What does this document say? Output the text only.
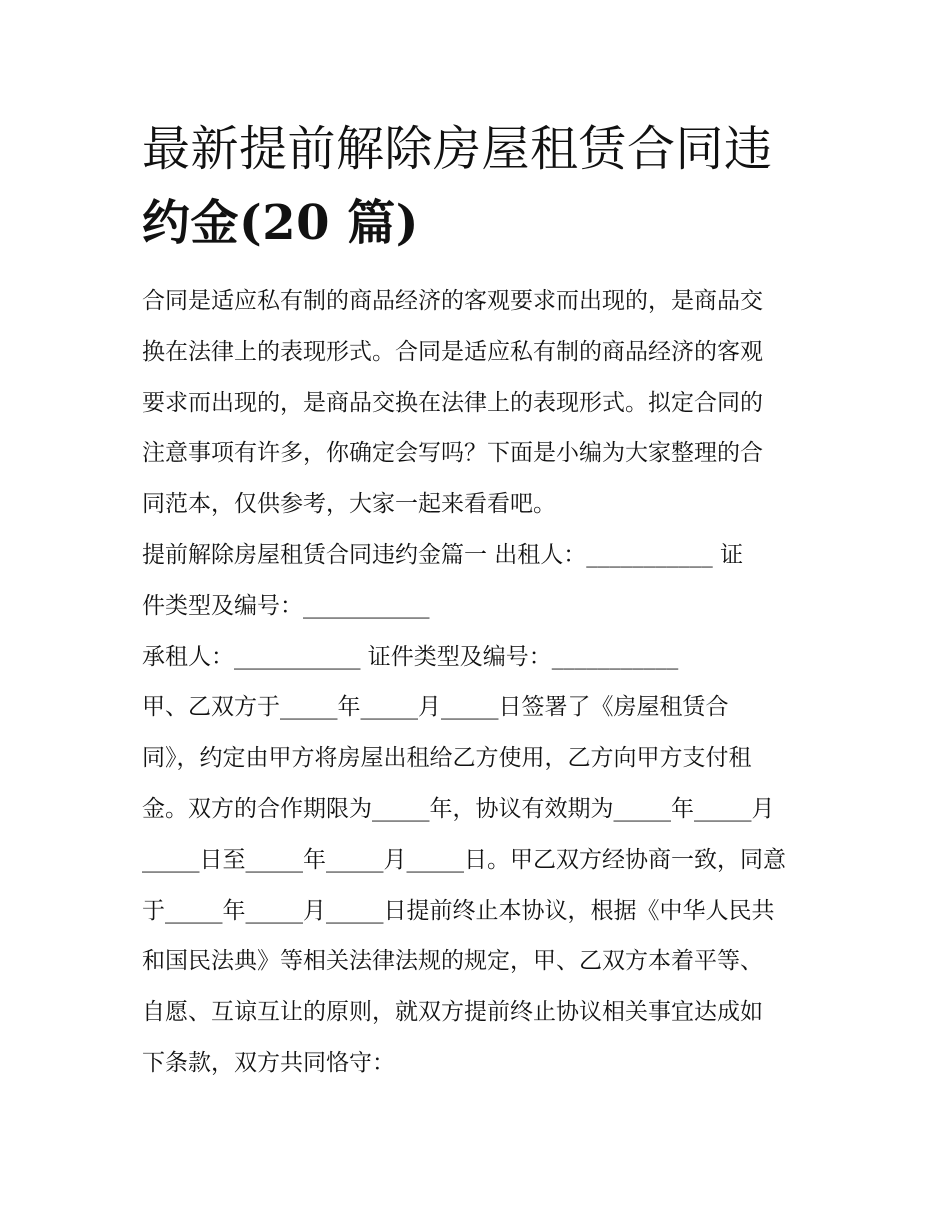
最新提前解除房屋租赁合同违
约金(20 篇)
合同是适应私有制的商品经济的客观要求而出现的，是商品交
换在法律上的表现形式。合同是适应私有制的商品经济的客观
要求而出现的，是商品交换在法律上的表现形式。拟定合同的
注意事项有许多，你确定会写吗？下面是小编为大家整理的合
同范本，仅供参考，大家一起来看看吧。
提前解除房屋租赁合同违约金篇一 出租人：___________ 证
件类型及编号：___________
承租人：___________ 证件类型及编号：___________
甲、乙双方于_____年_____月_____日签署了《房屋租赁合
同》，约定由甲方将房屋出租给乙方使用，乙方向甲方支付租
金。双方的合作期限为_____年，协议有效期为_____年_____月
_____日至_____年_____月_____日。甲乙双方经协商一致，同意
于_____年_____月_____日提前终止本协议，根据《中华人民共
和国民法典》等相关法律法规的规定，甲、乙双方本着平等、
自愿、互谅互让的原则，就双方提前终止协议相关事宜达成如
下条款，双方共同恪守：
